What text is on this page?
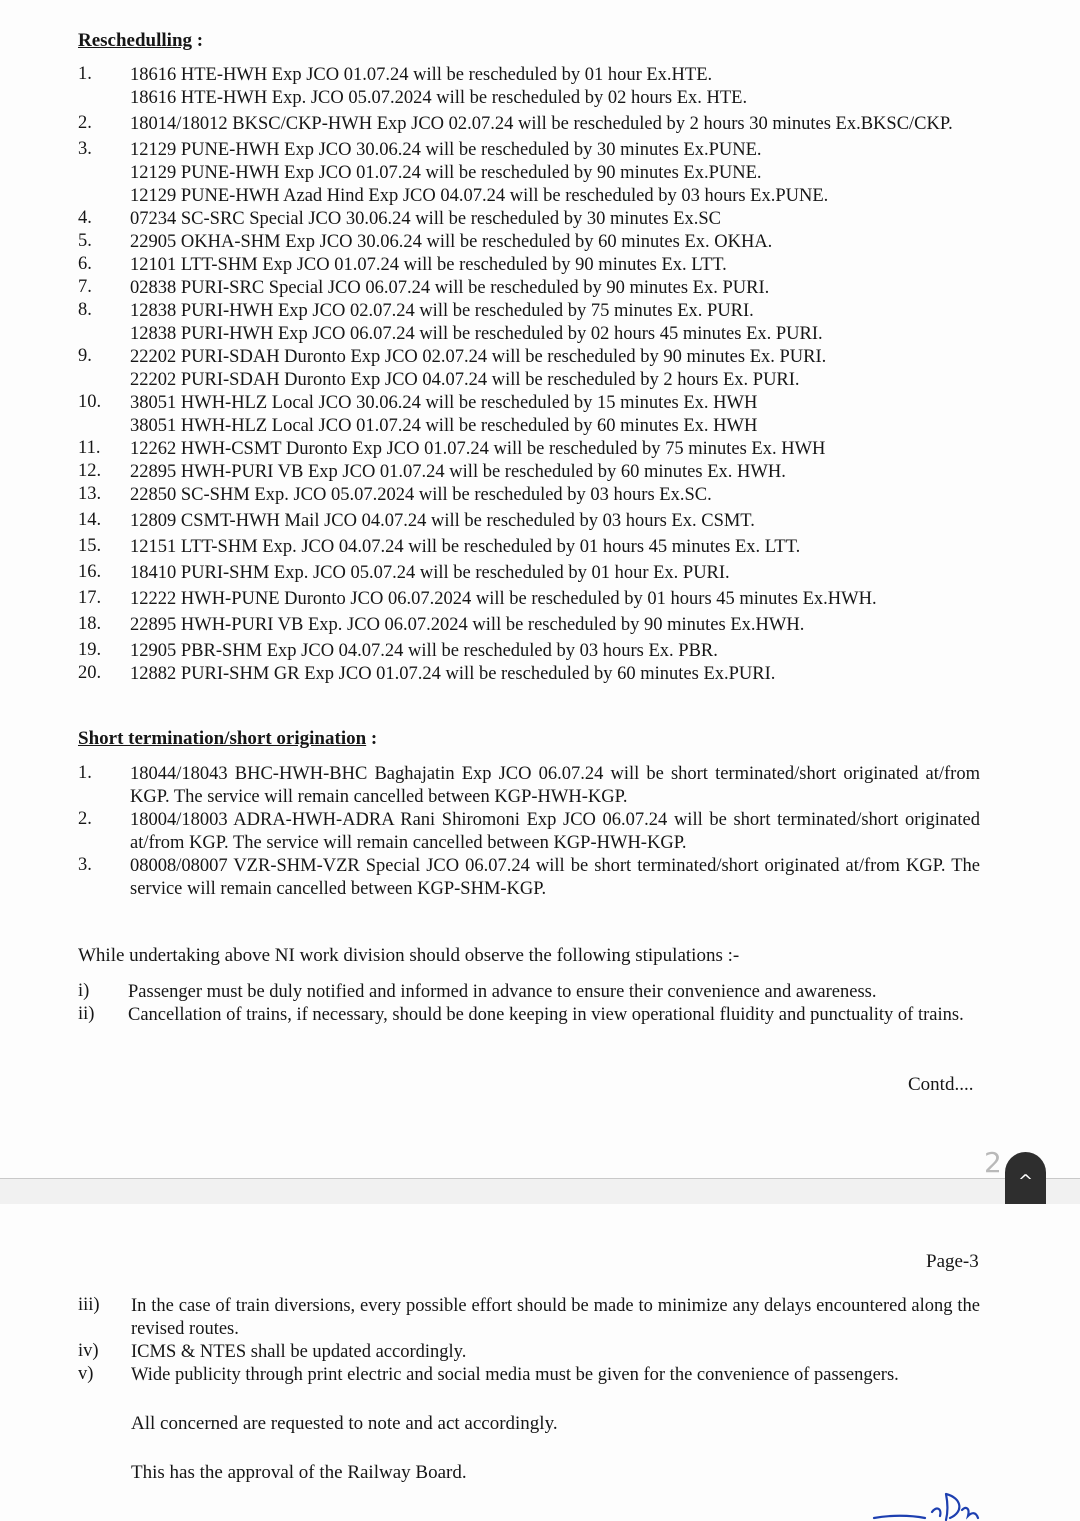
Reschedulling :
1.	18616 HTE-HWH Exp JCO 01.07.24 will be rescheduled by 01 hour Ex.HTE.
18616 HTE-HWH Exp. JCO 05.07.2024 will be rescheduled by 02 hours Ex. HTE.
2.	18014/18012 BKSC/CKP-HWH Exp JCO 02.07.24 will be rescheduled by 2 hours 30 minutes Ex.BKSC/CKP.
3.	12129 PUNE-HWH Exp JCO 30.06.24 will be rescheduled by 30 minutes Ex.PUNE.
12129 PUNE-HWH Exp JCO 01.07.24 will be rescheduled by 90 minutes Ex.PUNE.
12129 PUNE-HWH Azad Hind Exp JCO 04.07.24 will be rescheduled by 03 hours Ex.PUNE.
4.	07234 SC-SRC Special JCO 30.06.24 will be rescheduled by 30 minutes Ex.SC
5.	22905 OKHA-SHM Exp JCO 30.06.24 will be rescheduled by 60 minutes Ex. OKHA.
6.	12101 LTT-SHM Exp JCO 01.07.24 will be rescheduled by 90 minutes Ex. LTT.
7.	02838 PURI-SRC Special JCO 06.07.24 will be rescheduled by 90 minutes Ex. PURI.
8.	12838 PURI-HWH Exp JCO 02.07.24 will be rescheduled by 75 minutes Ex. PURI.
12838 PURI-HWH Exp JCO 06.07.24 will be rescheduled by 02 hours 45 minutes Ex. PURI.
9.	22202 PURI-SDAH Duronto Exp JCO 02.07.24 will be rescheduled by 90 minutes Ex. PURI.
22202 PURI-SDAH Duronto Exp JCO 04.07.24 will be rescheduled by 2 hours Ex. PURI.
10.	38051 HWH-HLZ Local JCO 30.06.24 will be rescheduled by 15 minutes Ex. HWH
38051 HWH-HLZ Local JCO 01.07.24 will be rescheduled by 60 minutes Ex. HWH
11.	12262 HWH-CSMT Duronto Exp JCO 01.07.24 will be rescheduled by 75 minutes Ex. HWH
12.	22895 HWH-PURI VB Exp JCO 01.07.24 will be rescheduled by 60 minutes Ex. HWH.
13.	22850 SC-SHM Exp. JCO 05.07.2024 will be rescheduled by 03 hours Ex.SC.
14.	12809 CSMT-HWH Mail JCO 04.07.24 will be rescheduled by 03 hours Ex. CSMT.
15.	12151 LTT-SHM Exp. JCO 04.07.24 will be rescheduled by 01 hours 45 minutes Ex. LTT.
16.	18410 PURI-SHM Exp. JCO 05.07.24 will be rescheduled by 01 hour Ex. PURI.
17.	12222 HWH-PUNE Duronto JCO 06.07.2024 will be rescheduled by 01 hours 45 minutes Ex.HWH.
18.	22895 HWH-PURI VB Exp. JCO 06.07.2024 will be rescheduled by 90 minutes Ex.HWH.
19.	12905 PBR-SHM Exp JCO 04.07.24 will be rescheduled by 03 hours Ex. PBR.
20.	12882 PURI-SHM GR Exp JCO 01.07.24 will be rescheduled by 60 minutes Ex.PURI.
Short termination/short origination :
1.	18044/18043 BHC-HWH-BHC Baghajatin Exp JCO 06.07.24 will be short terminated/short originated at/from KGP. The service will remain cancelled between KGP-HWH-KGP.
2.	18004/18003 ADRA-HWH-ADRA Rani Shiromoni Exp JCO 06.07.24 will be short terminated/short originated at/from KGP. The service will remain cancelled between KGP-HWH-KGP.
3.	08008/08007 VZR-SHM-VZR Special JCO 06.07.24 will be short terminated/short originated at/from KGP. The service will remain cancelled between KGP-SHM-KGP.
While undertaking above NI work division should observe the following stipulations :-
i)	Passenger must be duly notified and informed in advance to ensure their convenience and awareness.
ii)	Cancellation of trains, if necessary, should be done keeping in view operational fluidity and punctuality of trains.
Contd....
2
^
Page-3
iii)	In the case of train diversions, every possible effort should be made to minimize any delays encountered along the revised routes.
iv)	ICMS & NTES shall be updated accordingly.
v)	Wide publicity through print electric and social media must be given for the convenience of passengers.
All concerned are requested to note and act accordingly.
This has the approval of the Railway Board.
